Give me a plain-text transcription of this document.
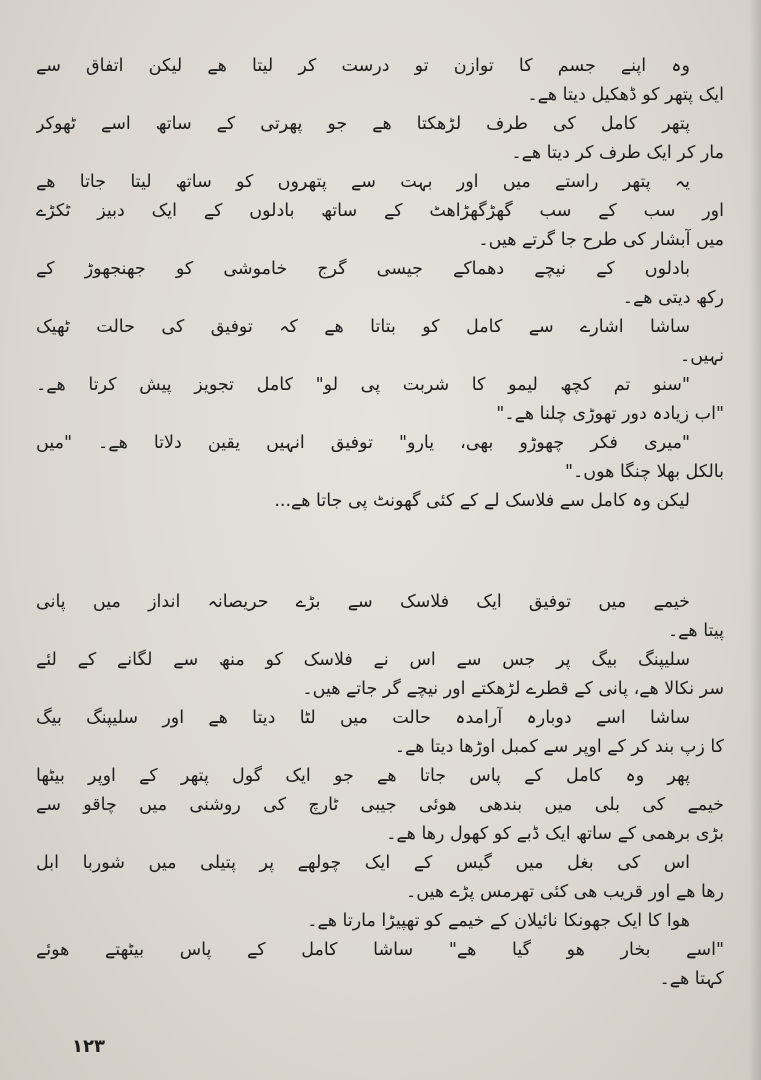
وہ اپنے جسم کا توازن تو درست کر لیتا ھے لیکن اتفاق سے
ایک پتھر کو ڈھکیل دیتا ھے۔
پتھر کامل کی طرف لڑھکتا ھے جو پھرتی کے ساتھ اسے ٹھوکر
مار کر ایک طرف کر دیتا ھے۔
یہ پتھر راستے میں اور بہت سے پتھروں کو ساتھ لیتا جاتا ھے
اور سب کے سب گھڑگھڑاھٹ کے ساتھ بادلوں کے ایک دبیز ٹکڑے
میں آبشار کی طرح جا گرتے ھیں۔
بادلوں کے نیچے دھماکے جیسی گرج خاموشی کو جھنجھوڑ کے
رکھ دیتی ھے۔
ساشا اشارے سے کامل کو بتاتا ھے کہ توفیق کی حالت ٹھیک
نہیں۔
"سنو تم کچھ لیمو کا شربت پی لو" کامل تجویز پیش کرتا ھے۔
"اب زیادہ دور تھوڑی چلنا ھے۔"
"میری فکر چھوڑو بھی، یارو" توفیق انہیں یقین دلاتا ھے۔ "میں
بالکل بھلا چنگا ھوں۔"
لیکن وہ کامل سے فلاسک لے کے کئی گھونٹ پی جاتا ھے...
خیمے میں توفیق ایک فلاسک سے بڑے حریصانہ انداز میں پانی
پیتا ھے۔
سلیپنگ بیگ پر جس سے اس نے فلاسک کو منھ سے لگانے کے لئے
سر نکالا ھے، پانی کے قطرے لڑھکتے اور نیچے گر جاتے ھیں۔
ساشا اسے دوبارہ آرامدہ حالت میں لٹا دیتا ھے اور سلیپنگ بیگ
کا زپ بند کر کے اوپر سے کمبل اوڑھا دیتا ھے۔
پھر وہ کامل کے پاس جاتا ھے جو ایک گول پتھر کے اوپر بیٹھا
خیمے کی بلی میں بندھی ھوئی جیبی ٹارچ کی روشنی میں چاقو سے
بڑی برھمی کے ساتھ ایک ڈبے کو کھول رھا ھے۔
اس کی بغل میں گیس کے ایک چولھے پر پتیلی میں شوربا ابل
رھا ھے اور قریب ھی کئی تھرمس پڑے ھیں۔
ھوا کا ایک جھونکا نائیلان کے خیمے کو تھپیڑا مارتا ھے۔
"اسے بخار ھو گیا ھے" ساشا کامل کے پاس بیٹھتے ھوئے
کہتا ھے۔
۱۲۳
